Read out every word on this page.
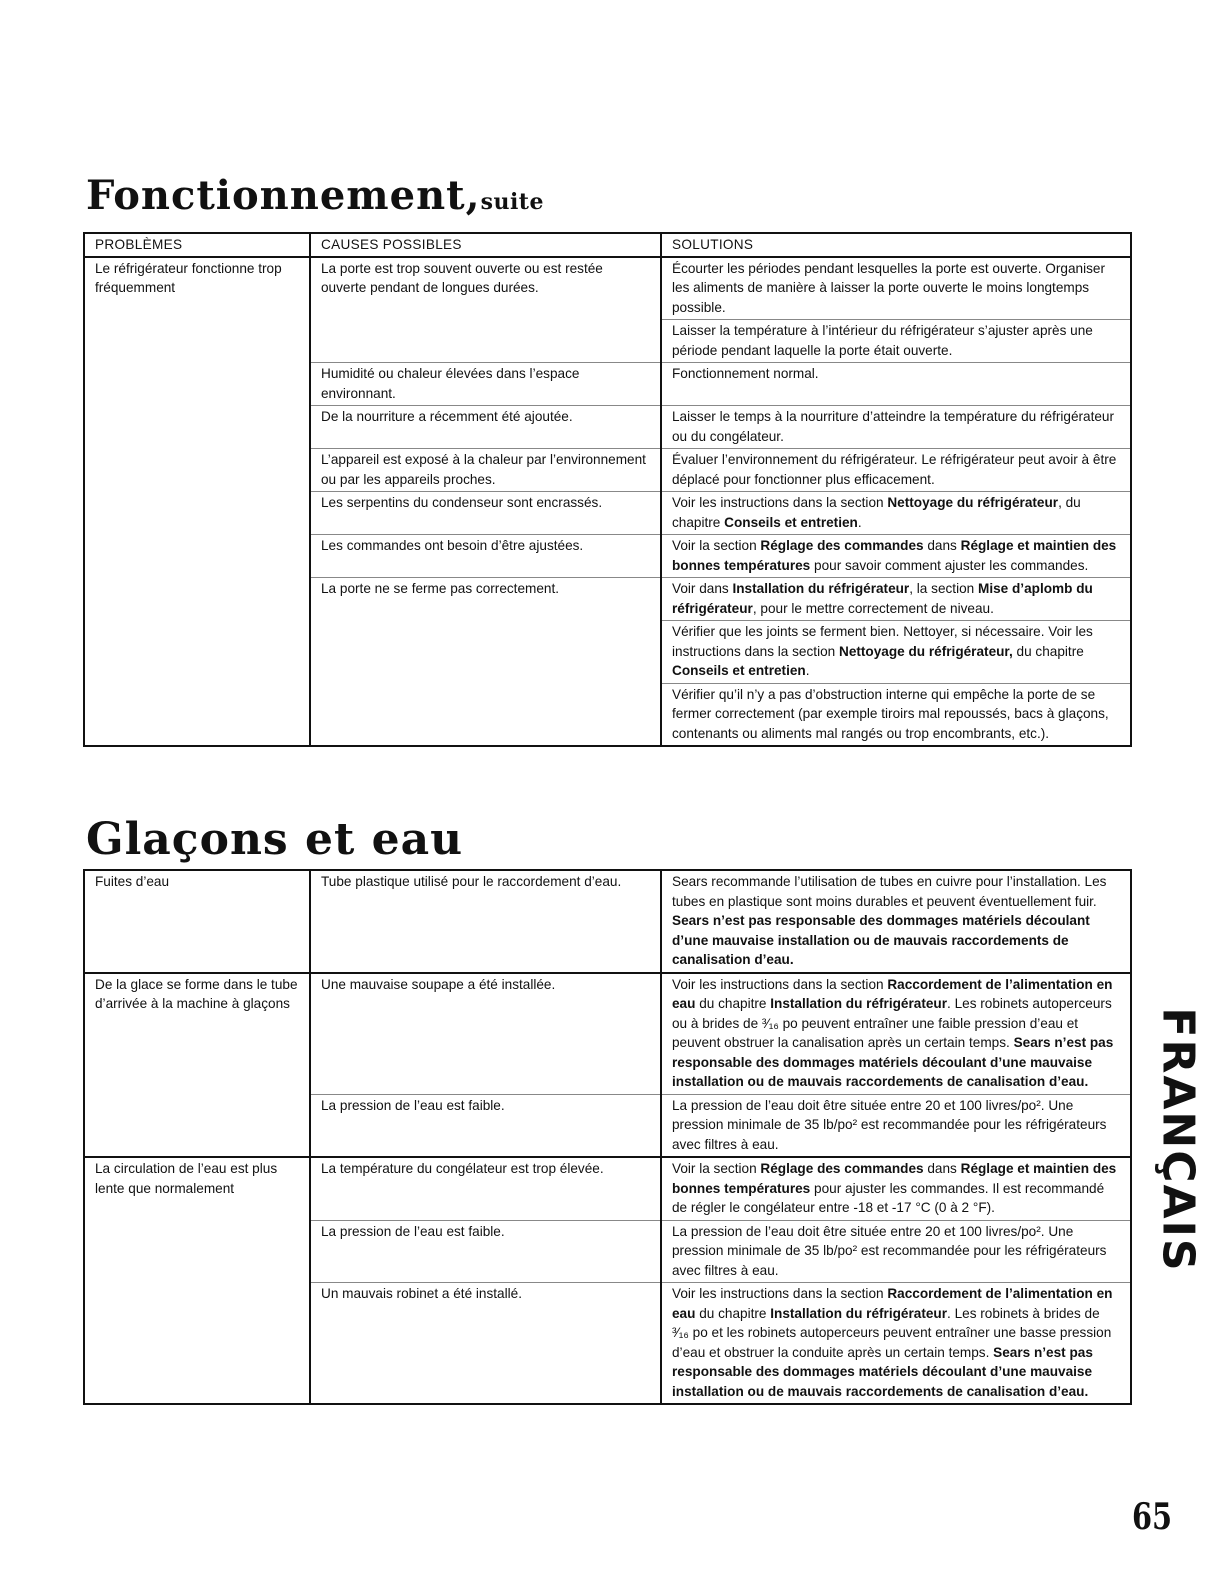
Fonctionnement,suite
PROBLÈMES	CAUSES POSSIBLES	SOLUTIONS
Le réfrigérateur fonctionne trop fréquemment	La porte est trop souvent ouverte ou est restée ouverte pendant de longues durées.	Écourter les périodes pendant lesquelles la porte est ouverte. Organiser les aliments de manière à laisser la porte ouverte le moins longtemps possible.
		Laisser la température à l’intérieur du réfrigérateur s’ajuster après une période pendant laquelle la porte était ouverte.
	Humidité ou chaleur élevées dans l’espace environnant.	Fonctionnement normal.
	De la nourriture a récemment été ajoutée.	Laisser le temps à la nourriture d’atteindre la température du réfrigérateur ou du congélateur.
	L’appareil est exposé à la chaleur par l’environnement ou par les appareils proches.	Évaluer l’environnement du réfrigérateur. Le réfrigérateur peut avoir à être déplacé pour fonctionner plus efficacement.
	Les serpentins du condenseur sont encrassés.	Voir les instructions dans la section Nettoyage du réfrigérateur, du chapitre Conseils et entretien.
	Les commandes ont besoin d’être ajustées.	Voir la section Réglage des commandes dans Réglage et maintien des bonnes températures pour savoir comment ajuster les commandes.
	La porte ne se ferme pas correctement.	Voir dans Installation du réfrigérateur, la section Mise d’aplomb du réfrigérateur, pour le mettre correctement de niveau.
		Vérifier que les joints se ferment bien. Nettoyer, si nécessaire. Voir les instructions dans la section Nettoyage du réfrigérateur, du chapitre Conseils et entretien.
		Vérifier qu’il n’y a pas d’obstruction interne qui empêche la porte de se fermer correctement (par exemple tiroirs mal repoussés, bacs à glaçons, contenants ou aliments mal rangés ou trop encombrants, etc.).
Glaçons et eau
Fuites d’eau	Tube plastique utilisé pour le raccordement d’eau.	Sears recommande l’utilisation de tubes en cuivre pour l’installation. Les tubes en plastique sont moins durables et peuvent éventuellement fuir. Sears n’est pas responsable des dommages matériels découlant d’une mauvaise installation ou de mauvais raccordements de canalisation d’eau.
De la glace se forme dans le tube d’arrivée à la machine à glaçons	Une mauvaise soupape a été installée.	Voir les instructions dans la section Raccordement de l’alimentation en eau du chapitre Installation du réfrigérateur. Les robinets autoperceurs ou à brides de ³⁄₁₆ po peuvent entraîner une faible pression d’eau et peuvent obstruer la canalisation après un certain temps. Sears n’est pas responsable des dommages matériels découlant d’une mauvaise installation ou de mauvais raccordements de canalisation d’eau.
	La pression de l’eau est faible.	La pression de l’eau doit être située entre 20 et 100 livres/po². Une pression minimale de 35 lb/po² est recommandée pour les réfrigérateurs avec filtres à eau.
La circulation de l’eau est plus lente que normalement	La température du congélateur est trop élevée.	Voir la section Réglage des commandes dans Réglage et maintien des bonnes températures pour ajuster les commandes. Il est recommandé de régler le congélateur entre -18 et -17 °C (0 à 2 °F).
	La pression de l’eau est faible.	La pression de l’eau doit être située entre 20 et 100 livres/po². Une pression minimale de 35 lb/po² est recommandée pour les réfrigérateurs avec filtres à eau.
	Un mauvais robinet a été installé.	Voir les instructions dans la section Raccordement de l’alimentation en eau du chapitre Installation du réfrigérateur. Les robinets à brides de ³⁄₁₆ po et les robinets autoperceurs peuvent entraîner une basse pression d’eau et obstruer la conduite après un certain temps. Sears n’est pas responsable des dommages matériels découlant d’une mauvaise installation ou de mauvais raccordements de canalisation d’eau.
FRANÇAIS
65
